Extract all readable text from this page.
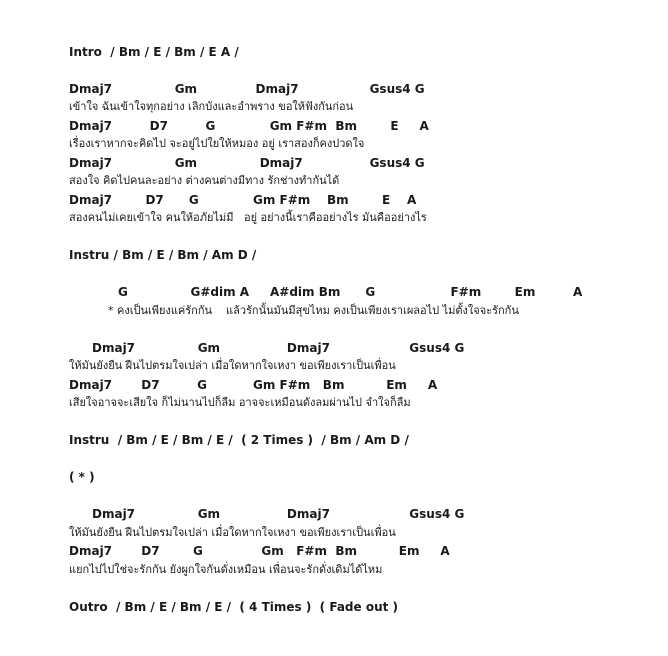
Intro  / Bm / E / Bm / E A /
Dmaj7               Gm              Dmaj7                 Gsus4 G
เข้าใจ ฉันเข้าใจทุกอย่าง เลิกบังและอำพราง ขอให้ฟังกันก่อน
Dmaj7         D7         G             Gm F#m  Bm        E     A
เรื่องเราหากจะคิดไป จะอยู่ไปใยให้หมอง อยู่ เราสองก็คงปวดใจ
Dmaj7               Gm               Dmaj7                Gsus4 G
สองใจ คิดไปคนละอย่าง ต่างคนต่างมีทาง รักช่างทำกันได้
Dmaj7        D7      G             Gm F#m    Bm        E    A
สองคนไม่เคยเข้าใจ คนให้อภัยไม่มี   อยู่ อย่างนี้เราคืออย่างไร มันคืออย่างไร
Instru / Bm / E / Bm / Am D /
G               G#dim A     A#dim Bm      G                  F#m        Em         A
* คงเป็นเพียงแค่รักกัน    แล้วรักนั้นมันมีสุขไหม คงเป็นเพียงเราเผลอไป ไม่ตั้งใจจะรักกัน
Dmaj7               Gm                Dmaj7                   Gsus4 G
ให้มันยังยืน ฝืนไปตรมใจเปล่า เมื่อใดหากใจเหงา ขอเพียงเราเป็นเพื่อน
Dmaj7       D7         G           Gm F#m   Bm          Em     A
เสียใจอาจจะเสียใจ ก็ไม่นานไปก็ลืม อาจจะเหมือนดังลมผ่านไป จำใจก็ลืม
Instru  / Bm / E / Bm / E /  ( 2 Times )  / Bm / Am D /
( * )
Dmaj7               Gm                Dmaj7                   Gsus4 G
ให้มันยังยืน ฝืนไปตรมใจเปล่า เมื่อใดหากใจเหงา ขอเพียงเราเป็นเพื่อน
Dmaj7       D7        G              Gm   F#m  Bm          Em     A
แยกไปไปใช่จะรักกัน ยังผูกใจกันดั่งเหมือน เพื่อนจะรักดั่งเดิมได้ไหม
Outro  / Bm / E / Bm / E /  ( 4 Times )  ( Fade out )
